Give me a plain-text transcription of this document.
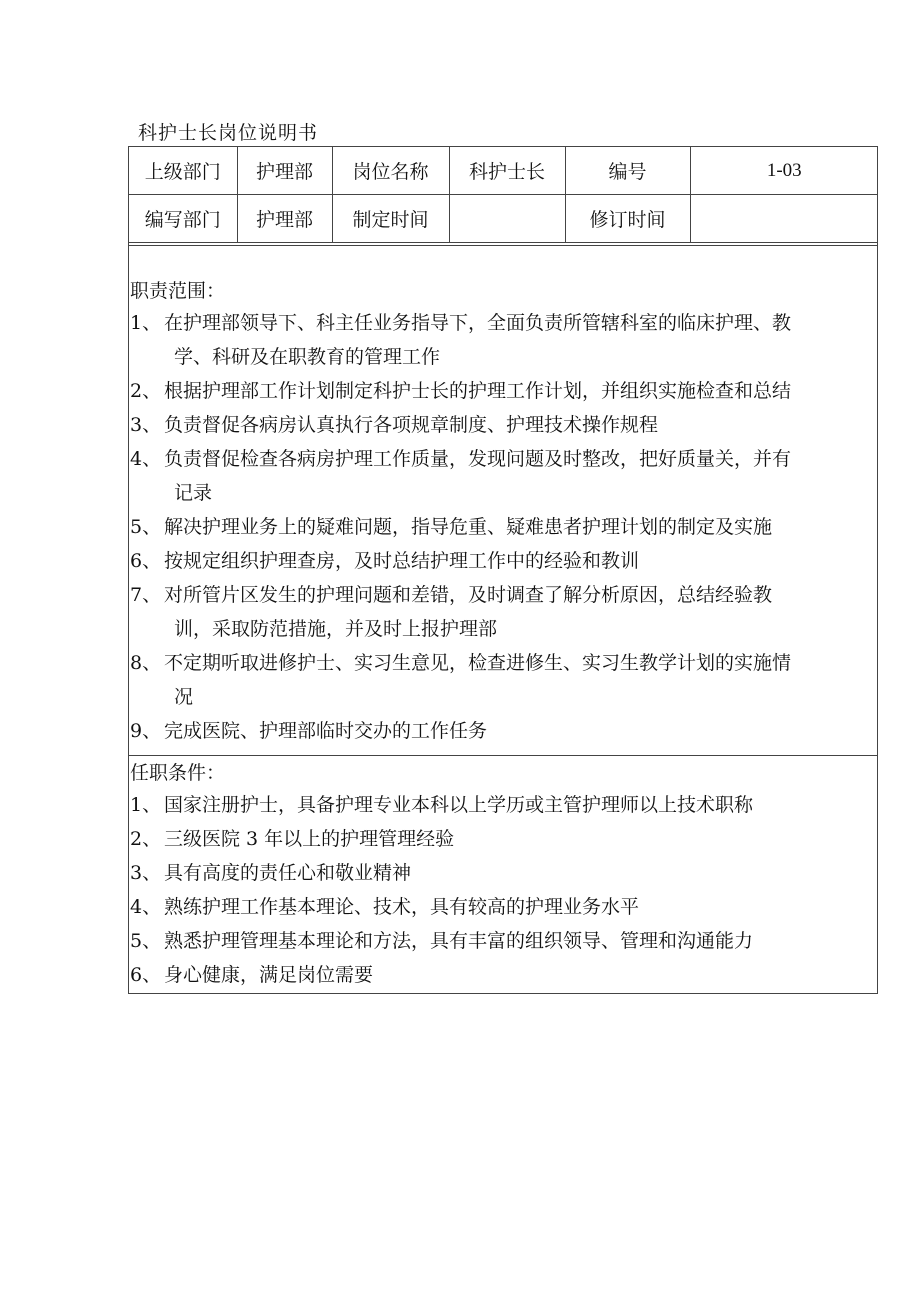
科护士长岗位说明书
上级部门	护理部	岗位名称	科护士长	编号	1-03
编写部门	护理部	制定时间		修订时间	
职责范围：
1、 在护理部领导下、科主任业务指导下，全面负责所管辖科室的临床护理、教
学、科研及在职教育的管理工作
2、 根据护理部工作计划制定科护士长的护理工作计划，并组织实施检查和总结
3、 负责督促各病房认真执行各项规章制度、护理技术操作规程
4、 负责督促检查各病房护理工作质量，发现问题及时整改，把好质量关，并有
记录
5、 解决护理业务上的疑难问题，指导危重、疑难患者护理计划的制定及实施
6、 按规定组织护理查房，及时总结护理工作中的经验和教训
7、 对所管片区发生的护理问题和差错，及时调查了解分析原因，总结经验教
训，采取防范措施，并及时上报护理部
8、 不定期听取进修护士、实习生意见，检查进修生、实习生教学计划的实施情
况
9、 完成医院、护理部临时交办的工作任务
任职条件：
1、 国家注册护士，具备护理专业本科以上学历或主管护理师以上技术职称
2、 三级医院 3 年以上的护理管理经验
3、 具有高度的责任心和敬业精神
4、 熟练护理工作基本理论、技术，具有较高的护理业务水平
5、 熟悉护理管理基本理论和方法，具有丰富的组织领导、管理和沟通能力
6、 身心健康，满足岗位需要
